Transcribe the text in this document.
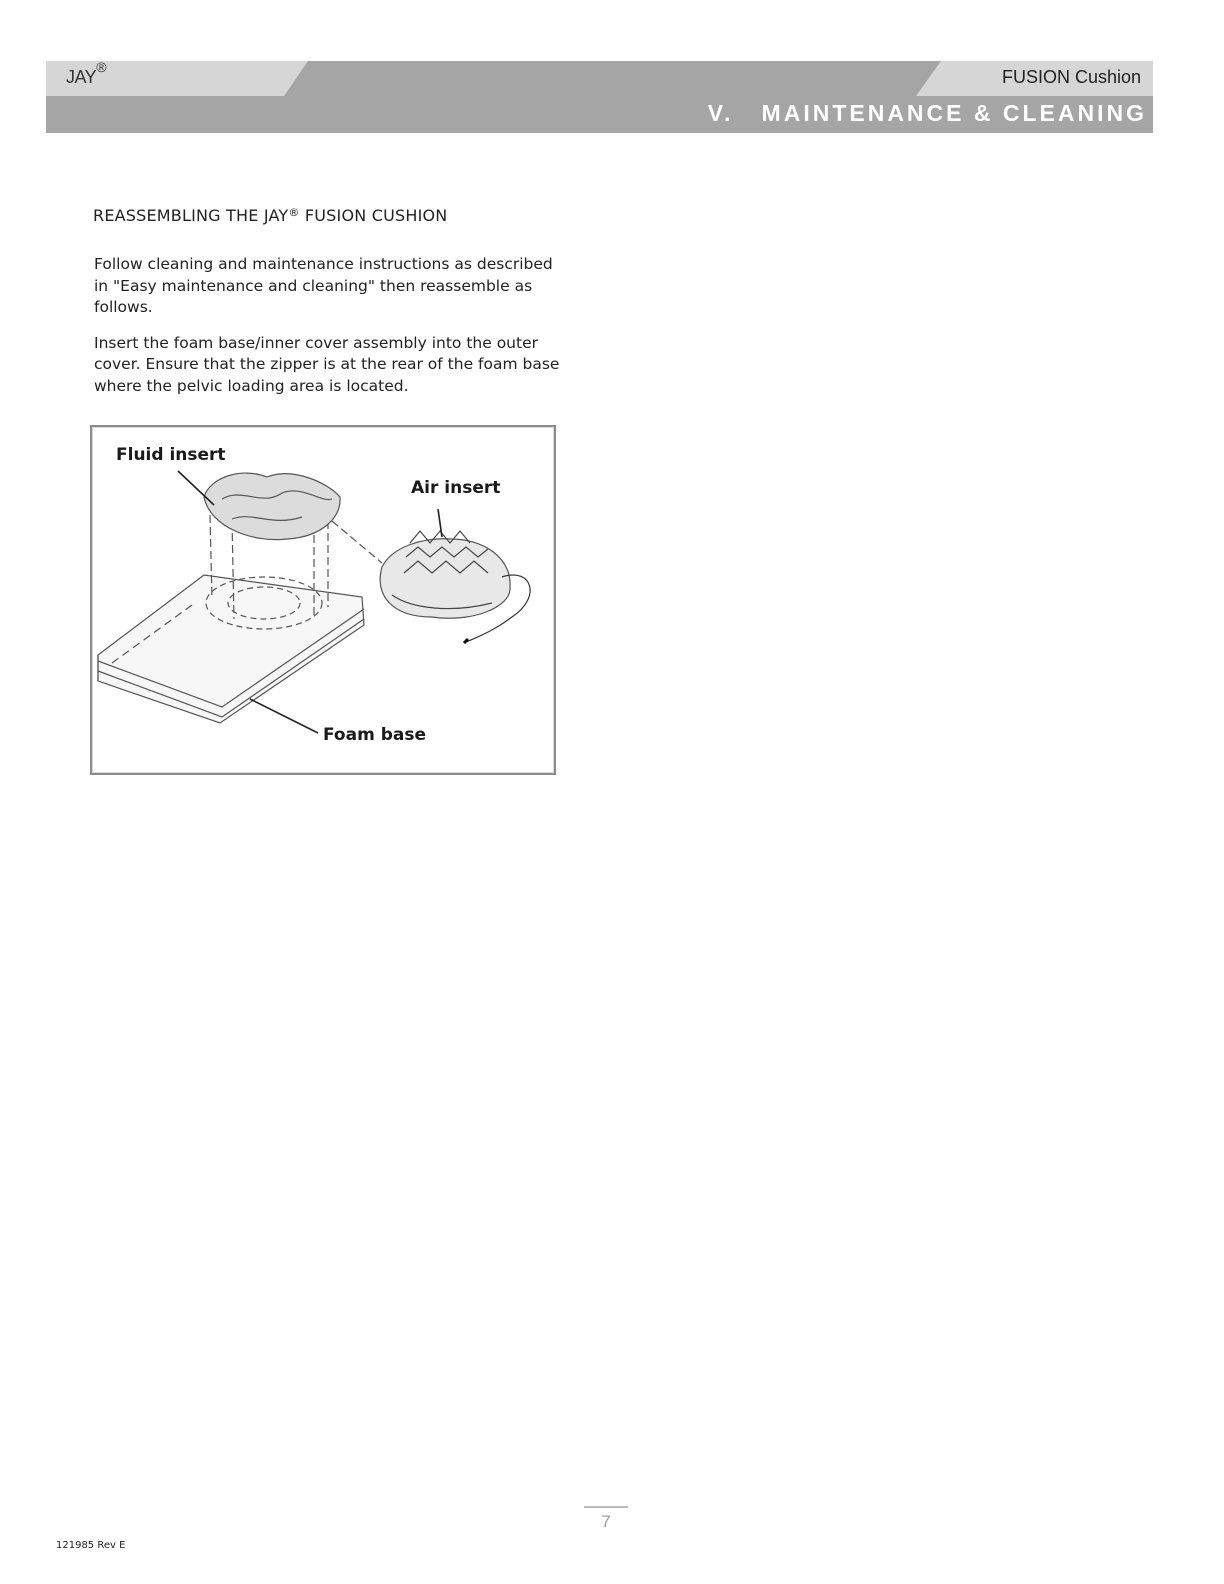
JAY®	FUSION Cushion
V.   MAINTENANCE & CLEANING
REASSEMBLING THE JAY® FUSION CUSHION

Follow cleaning and maintenance instructions as described in "Easy maintenance and cleaning" then reassemble as follows.

Insert the foam base/inner cover assembly into the outer cover. Ensure that the zipper is at the rear of the foam base where the pelvic loading area is located.

Fluid insert
Air insert
Foam base
121985 Rev E
7
